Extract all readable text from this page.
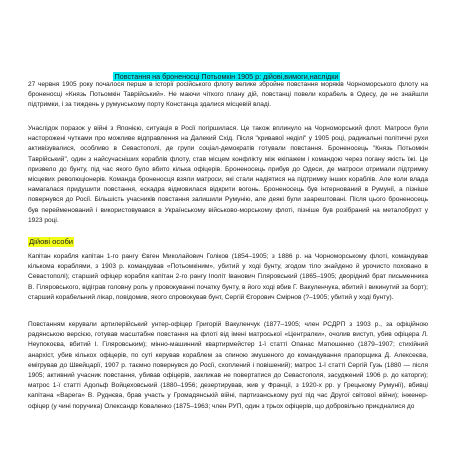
Повстання на броненосці Потьомкін 1905 р: дійові,вимоги,наслідки

27 червня 1905 року почалося перше в історії російського флоту велике збройне повстання моряків Чорноморського флоту на броненосці «Князь Потьомкін Таврійський». Не маючи чіткого плану дій, повстанці повели корабель в Одесу, де не знайшли підтримки, і за тиждень у румунському порту Констанца здалися місцевій владі.

Унаслідок поразок у війні з Японією, ситуація в Росії погіршилася. Це також вплинуло на Чорноморський флот. Матроси були насторожені чутками про можливе відправлення на Далекий Схід. Після "кривавої неділі" у 1905 році, радикальні політичні рухи активізувалися, особливо в Севастополі, де групи соціал-демократів готували повстання. Броненосець "Князь Потьомкін Таврійський", один з найсучасніших кораблів флоту, став місцем конфлікту між екіпажем і командою через погану якість їжі. Це призвело до бунту, під час якого було вбито кілька офіцерів. Броненосець прибув до Одеси, де матроси отримали підтримку місцевих революціонерів. Команда броненосця взяли матроси, які стали надіятися на підтримку інших кораблів. Але коли влада намагалася придушити повстання, ескадра відмовилася відкрити вогонь. Броненосець був інтернований в Румунії, а пізніше повернувся до Росії. Більшість учасників повстання залишили Румунію, але деякі були заарештовані. Після цього броненосець був перейменований і використовувався в Українському військово-морському флоті, пізніше був розібраний на металобрухт у 1923 році.

Дійові особи

Капітан корабля капітан 1-го рангу Євген Миколайович Голіков (1854–1905; з 1886 р. на Чорноморському флоті, командував кількома кораблями, з 1903 р. командував «Потьомкіним», убитий у ході бунту, згодом тіло знайдено й урочисто поховано в Севастополі); старший офіцер корабля капітан 2-го рангу Іполіт Іванович Гіляровський (1865–1905; дворідний брат письменника В. Гіляровського, відіграв головну роль у провокуванні початку бунту, в його ході вбив Г. Вакуленчука, вбитий і викинутий за борт); старший корабельний лікар, повідомив, якого спровокував бунт, Сергій Єгорович Смірнов (?–1905; убитий у ході бунту).

Повстанням керували артилерійський унтер-офіцер Григорій Вакуленчук (1877–1905; член РСДРП з 1903 р., за офіційною радянською версією, готував масштабне повстання на флоті від імені матроської «Централки», очолив виступ, убив офіцера Л. Неупокоєва, вбитий І. Гіляровським); мінно-машинний квартирмейстер 1-ї статті Опанас Матюшенко (1879–1907; стихійний анархіст, убив кількох офіцерів, по суті керував кораблем за спиною змушеного до командування прапорщика Д. Алексеєва, емігрував до Швейцарії, 1907 р. таємно повернувся до Росії, схоплений і повішений); матрос 1-ї статті Сергій Гузь (1880 — після 1905; активний учасник повстання, убивав офіцерів, закликав не повертатися до Севастополя, засуджений 1906 р. до каторги); матрос 1-ї статті Адольф Войцеховський (1880–1956; дезертирував, жив у Франції, з 1920-х рр. у Грецькому Румунії), вбивці капітана «Варега» В. Руднєва, брав участь у Громадянській війні, партизанському русі під час Другої світової війни); інженер-офіцер (у чині поручика) Олександр Коваленко (1875–1963; член РУП, один з трьох офіцерів, що добровільно приєдналися до
